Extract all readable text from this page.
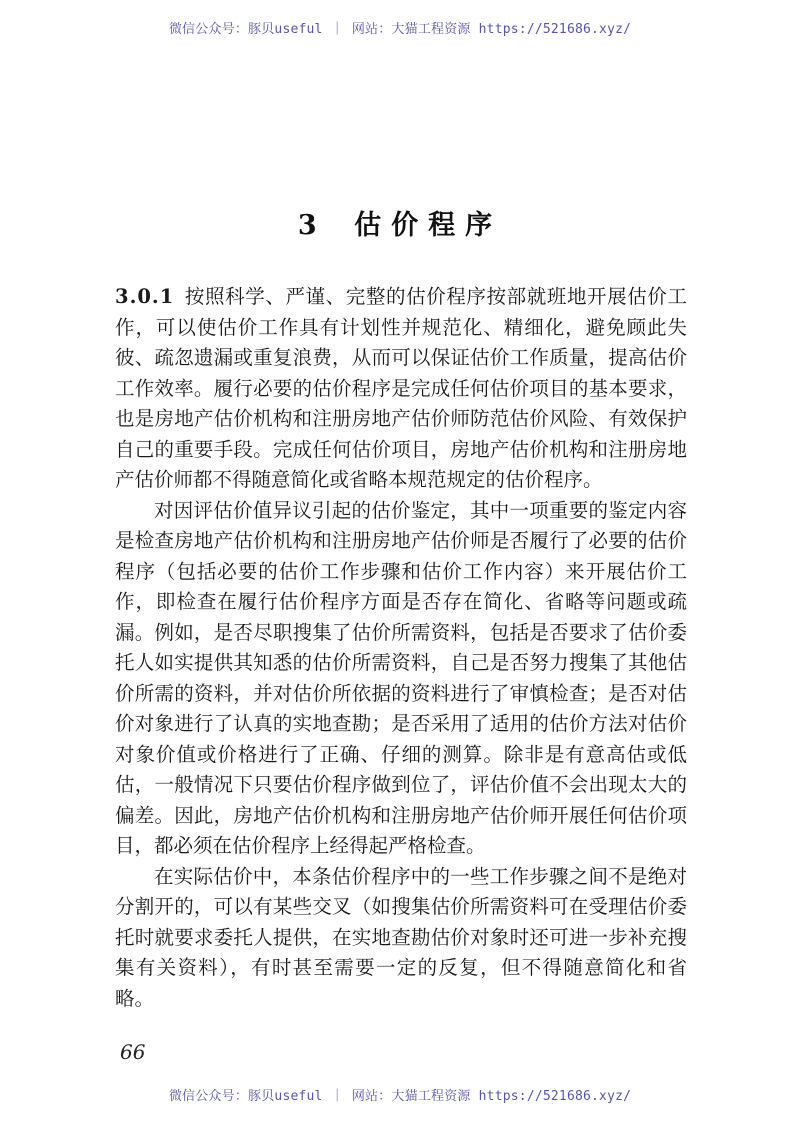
微信公众号：豚贝useful ｜ 网站：大猫工程资源 https://521686.xyz/
3 估价程序

3.0.1 按照科学、严谨、完整的估价程序按部就班地开展估价工作，可以使估价工作具有计划性并规范化、精细化，避免顾此失彼、疏忽遗漏或重复浪费，从而可以保证估价工作质量，提高估价工作效率。履行必要的估价程序是完成任何估价项目的基本要求，也是房地产估价机构和注册房地产估价师防范估价风险、有效保护自己的重要手段。完成任何估价项目，房地产估价机构和注册房地产估价师都不得随意简化或省略本规范规定的估价程序。

对因评估价值异议引起的估价鉴定，其中一项重要的鉴定内容是检查房地产估价机构和注册房地产估价师是否履行了必要的估价程序（包括必要的估价工作步骤和估价工作内容）来开展估价工作，即检查在履行估价程序方面是否存在简化、省略等问题或疏漏。例如，是否尽职搜集了估价所需资料，包括是否要求了估价委托人如实提供其知悉的估价所需资料，自己是否努力搜集了其他估价所需的资料，并对估价所依据的资料进行了审慎检查；是否对估价对象进行了认真的实地查勘；是否采用了适用的估价方法对估价对象价值或价格进行了正确、仔细的测算。除非是有意高估或低估，一般情况下只要估价程序做到位了，评估价值不会出现太大的偏差。因此，房地产估价机构和注册房地产估价师开展任何估价项目，都必须在估价程序上经得起严格检查。

在实际估价中，本条估价程序中的一些工作步骤之间不是绝对分割开的，可以有某些交叉（如搜集估价所需资料可在受理估价委托时就要求委托人提供，在实地查勘估价对象时还可进一步补充搜集有关资料），有时甚至需要一定的反复，但不得随意简化和省略。

66
微信公众号：豚贝useful ｜ 网站：大猫工程资源 https://521686.xyz/
